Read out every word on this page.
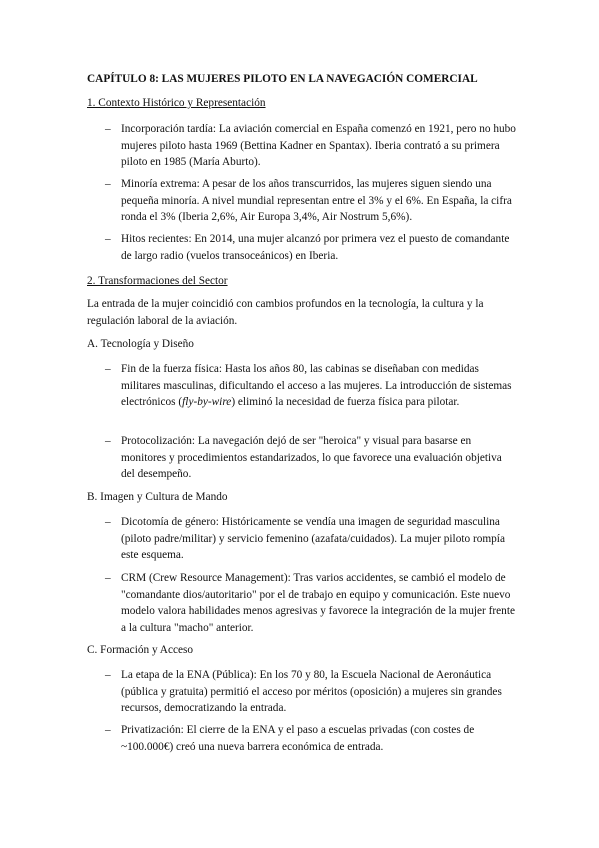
CAPÍTULO 8: LAS MUJERES PILOTO EN LA NAVEGACIÓN COMERCIAL
1. Contexto Histórico y Representación
– Incorporación tardía: La aviación comercial en España comenzó en 1921, pero no hubo mujeres piloto hasta 1969 (Bettina Kadner en Spantax). Iberia contrató a su primera piloto en 1985 (María Aburto).
– Minoría extrema: A pesar de los años transcurridos, las mujeres siguen siendo una pequeña minoría. A nivel mundial representan entre el 3% y el 6%. En España, la cifra ronda el 3% (Iberia 2,6%, Air Europa 3,4%, Air Nostrum 5,6%).
– Hitos recientes: En 2014, una mujer alcanzó por primera vez el puesto de comandante de largo radio (vuelos transoceánicos) en Iberia.
2. Transformaciones del Sector
La entrada de la mujer coincidió con cambios profundos en la tecnología, la cultura y la regulación laboral de la aviación.
A. Tecnología y Diseño
– Fin de la fuerza física: Hasta los años 80, las cabinas se diseñaban con medidas militares masculinas, dificultando el acceso a las mujeres. La introducción de sistemas electrónicos (fly-by-wire) eliminó la necesidad de fuerza física para pilotar.
– Protocolización: La navegación dejó de ser "heroica" y visual para basarse en monitores y procedimientos estandarizados, lo que favorece una evaluación objetiva del desempeño.
B. Imagen y Cultura de Mando
– Dicotomía de género: Históricamente se vendía una imagen de seguridad masculina (piloto padre/militar) y servicio femenino (azafata/cuidados). La mujer piloto rompía este esquema.
– CRM (Crew Resource Management): Tras varios accidentes, se cambió el modelo de "comandante dios/autoritario" por el de trabajo en equipo y comunicación. Este nuevo modelo valora habilidades menos agresivas y favorece la integración de la mujer frente a la cultura "macho" anterior.
C. Formación y Acceso
– La etapa de la ENA (Pública): En los 70 y 80, la Escuela Nacional de Aeronáutica (pública y gratuita) permitió el acceso por méritos (oposición) a mujeres sin grandes recursos, democratizando la entrada.
– Privatización: El cierre de la ENA y el paso a escuelas privadas (con costes de ~100.000€) creó una nueva barrera económica de entrada.
